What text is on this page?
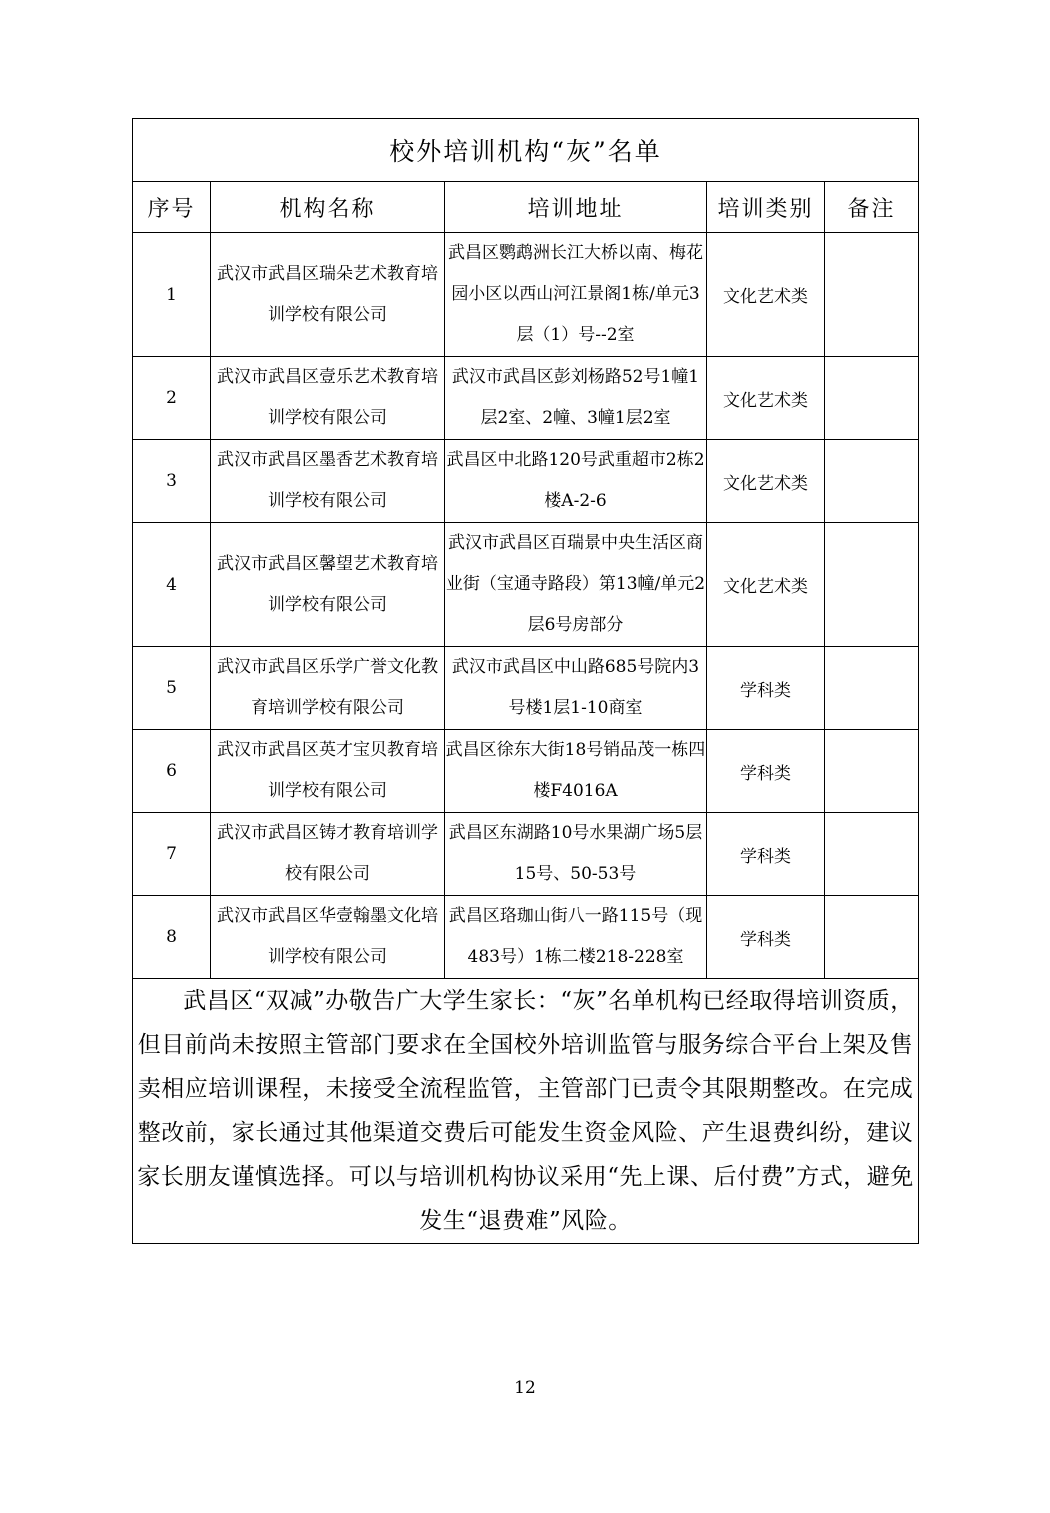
校外培训机构“灰”名单				
序号	机构名称	培训地址	培训类别	备注
1	武汉市武昌区瑞朵艺术教育培训学校有限公司	武昌区鹦鹉洲长江大桥以南、梅花园小区以西山河江景阁1栋/单元3层（1）号--2室	文化艺术类	
2	武汉市武昌区壹乐艺术教育培训学校有限公司	武汉市武昌区彭刘杨路52号1幢1层2室、2幢、3幢1层2室	文化艺术类	
3	武汉市武昌区墨香艺术教育培训学校有限公司	武昌区中北路120号武重超市2栋2楼A-2-6	文化艺术类	
4	武汉市武昌区馨望艺术教育培训学校有限公司	武汉市武昌区百瑞景中央生活区商业街（宝通寺路段）第13幢/单元2层6号房部分	文化艺术类	
5	武汉市武昌区乐学广誉文化教育培训学校有限公司	武汉市武昌区中山路685号院内3号楼1层1-10商室	学科类	
6	武汉市武昌区英才宝贝教育培训学校有限公司	武昌区徐东大街18号销品茂一栋四楼F4016A	学科类	
7	武汉市武昌区铸才教育培训学校有限公司	武昌区东湖路10号水果湖广场5层15号、50-53号	学科类	
8	武汉市武昌区华壹翰墨文化培训学校有限公司	武昌区珞珈山街八一路115号（现483号）1栋二楼218-228室	学科类	

武昌区“双减”办敬告广大学生家长：“灰”名单机构已经取得培训资质，但目前尚未按照主管部门要求在全国校外培训监管与服务综合平台上架及售卖相应培训课程，未接受全流程监管，主管部门已责令其限期整改。在完成整改前，家长通过其他渠道交费后可能发生资金风险、产生退费纠纷，建议家长朋友谨慎选择。可以与培训机构协议采用“先上课、后付费”方式，避免发生“退费难”风险。				

12
